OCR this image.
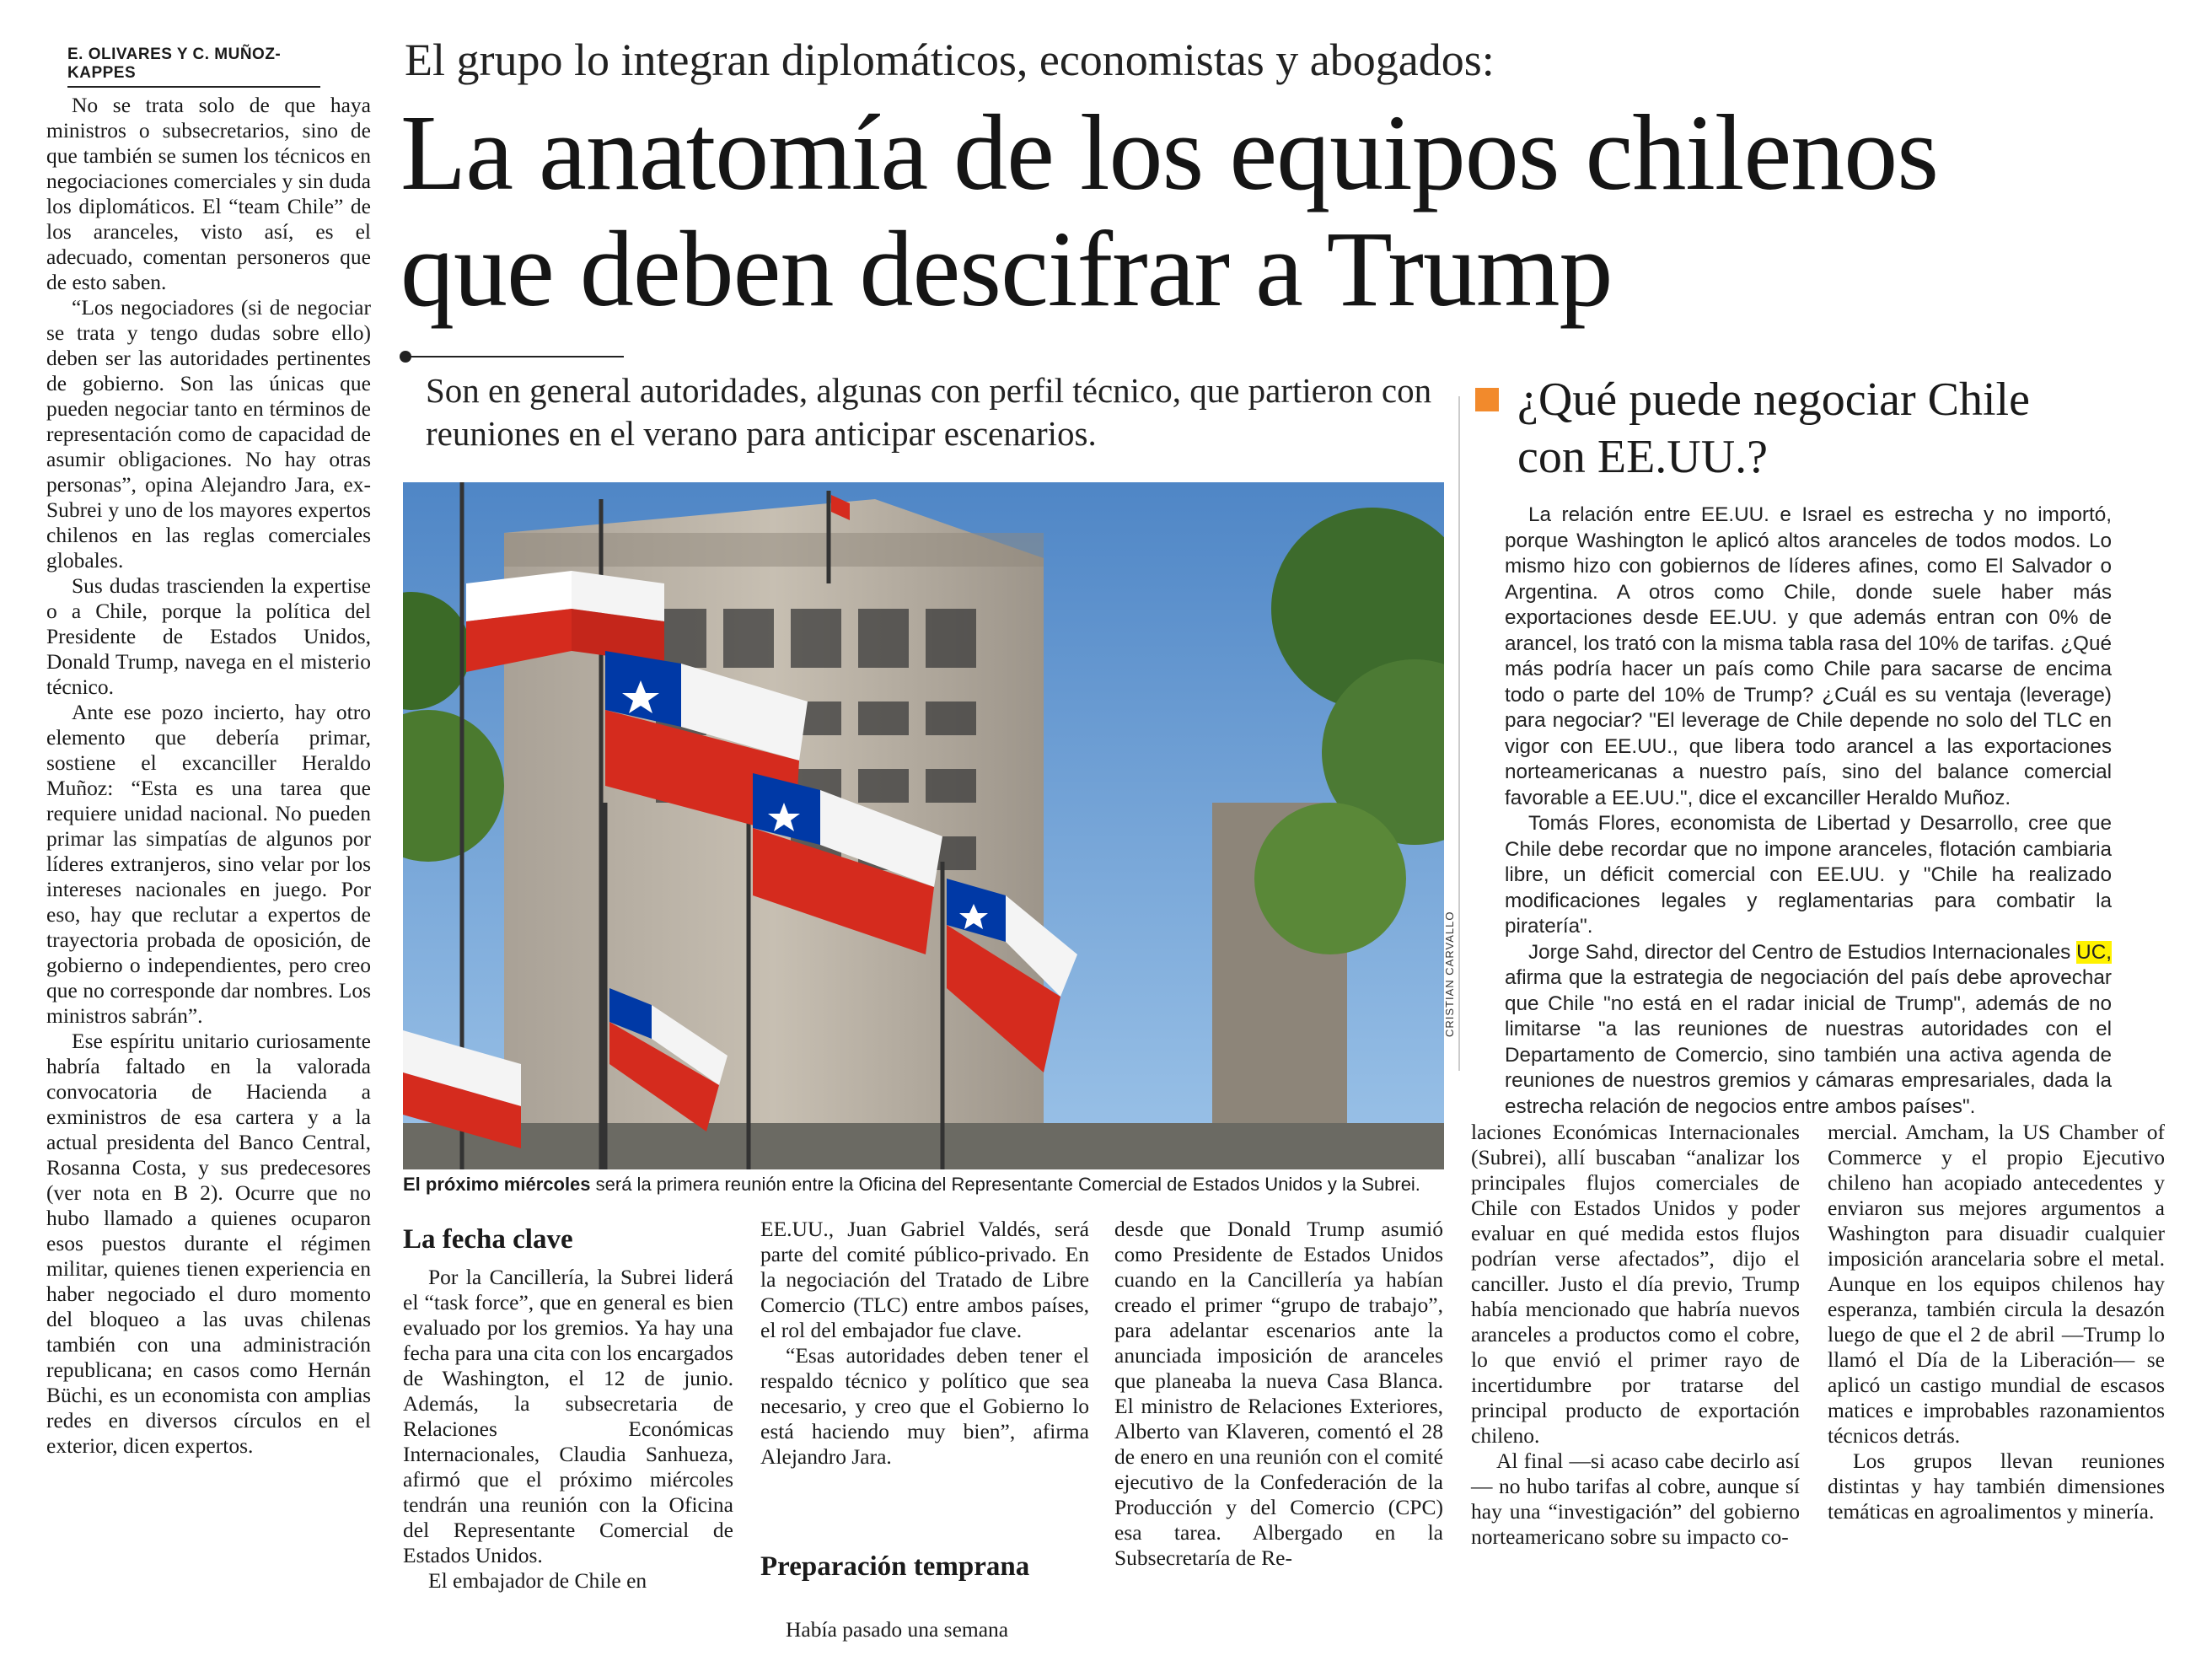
E. OLIVARES Y C. MUÑOZ-KAPPES	El grupo lo integran diplomáticos, economistas y abogados:
La anatomía de los equipos chilenos
que deben descifrar a Trump
Son en general autoridades, algunas con perfil técnico, que partieron con reuniones en el verano para anticipar escenarios.

No se trata solo de que haya ministros o subsecretarios, sino de que también se sumen los técnicos en negociaciones comerciales y sin duda los diplomáticos. El “team Chile” de los aranceles, visto así, es el adecuado, comentan personeros que de esto saben.

“Los negociadores (si de negociar se trata y tengo dudas sobre ello) deben ser las autoridades pertinentes de gobierno. Son las únicas que pueden negociar tanto en términos de representación como de capacidad de asumir obligaciones. No hay otras personas”, opina Alejandro Jara, ex-Subrei y uno de los mayores expertos chilenos en las reglas comerciales globales.

Sus dudas trascienden la expertise o a Chile, porque la política del Presidente de Estados Unidos, Donald Trump, navega en el misterio técnico.

Ante ese pozo incierto, hay otro elemento que debería primar, sostiene el excanciller Heraldo Muñoz: “Esta es una tarea que requiere unidad nacional. No pueden primar las simpatías de algunos por líderes extranjeros, sino velar por los intereses nacionales en juego. Por eso, hay que reclutar a expertos de trayectoria probada de oposición, de gobierno o independientes, pero creo que no corresponde dar nombres. Los ministros sabrán”.

Ese espíritu unitario curiosamente habría faltado en la valorada convocatoria de Hacienda a exministros de esa cartera y a la actual presidenta del Banco Central, Rosanna Costa, y sus predecesores (ver nota en B 2). Ocurre que no hubo llamado a quienes ocuparon esos puestos durante el régimen militar, quienes tienen experiencia en haber negociado el duro momento del bloqueo a las uvas chilenas también con una administración republicana; en casos como Hernán Büchi, es un economista con amplias redes en diversos círculos en el exterior, dicen expertos.

CRISTIAN CARVALLO
El próximo miércoles será la primera reunión entre la Oficina del Representante Comercial de Estados Unidos y la Subrei.
¿Qué puede negociar Chile con EE.UU.?

La relación entre EE.UU. e Israel es estrecha y no importó, porque Washington le aplicó altos aranceles de todos modos. Lo mismo hizo con gobiernos de líderes afines, como El Salvador o Argentina. A otros como Chile, donde suele haber más exportaciones desde EE.UU. y que además entran con 0% de arancel, los trató con la misma tabla rasa del 10% de tarifas. ¿Qué más podría hacer un país como Chile para sacarse de encima todo o parte del 10% de Trump? ¿Cuál es su ventaja (leverage) para negociar? "El leverage de Chile depende no solo del TLC en vigor con EE.UU., que libera todo arancel a las exportaciones norteamericanas a nuestro país, sino del balance comercial favorable a EE.UU.", dice el excanciller Heraldo Muñoz.

Tomás Flores, economista de Libertad y Desarrollo, cree que Chile debe recordar que no impone aranceles, flotación cambiaria libre, un déficit comercial con EE.UU. y "Chile ha realizado modificaciones legales y reglamentarias para combatir la piratería".

Jorge Sahd, director del Centro de Estudios Internacionales UC, afirma que la estrategia de negociación del país debe aprovechar que Chile "no está en el radar inicial de Trump", además de no limitarse "a las reuniones de nuestras autoridades con el Departamento de Comercio, sino también una activa agenda de reuniones de nuestros gremios y cámaras empresariales, dada la estrecha relación de negocios entre ambos países".

La fecha clave

Por la Cancillería, la Subrei liderá el “task force”, que en general es bien evaluado por los gremios. Ya hay una fecha para una cita con los encargados de Washington, el 12 de junio. Además, la subsecretaria de Relaciones Económicas Internacionales, Claudia Sanhueza, afirmó que el próximo miércoles tendrán una reunión con la Oficina del Representante Comercial de Estados Unidos.

El embajador de Chile en

EE.UU., Juan Gabriel Valdés, será parte del comité público-privado. En la negociación del Tratado de Libre Comercio (TLC) entre ambos países, el rol del embajador fue clave.

“Esas autoridades deben tener el respaldo técnico y político que sea necesario, y creo que el Gobierno lo está haciendo muy bien”, afirma Alejandro Jara.

Preparación temprana

Había pasado una semana

desde que Donald Trump asumió como Presidente de Estados Unidos cuando en la Cancillería ya habían creado el primer “grupo de trabajo”, para adelantar escenarios ante la anunciada imposición de aranceles que planeaba la nueva Casa Blanca. El ministro de Relaciones Exteriores, Alberto van Klaveren, comentó el 28 de enero en una reunión con el comité ejecutivo de la Confederación de la Producción y del Comercio (CPC) esa tarea. Albergado en la Subsecretaría de Re-

laciones Económicas Internacionales (Subrei), allí buscaban “analizar los principales flujos comerciales de Chile con Estados Unidos y poder evaluar en qué medida estos flujos podrían verse afectados”, dijo el canciller. Justo el día previo, Trump había mencionado que habría nuevos aranceles a productos como el cobre, lo que envió el primer rayo de incertidumbre por tratarse del principal producto de exportación chileno.

Al final —si acaso cabe decirlo así— no hubo tarifas al cobre, aunque sí hay una “investigación” del gobierno norteamericano sobre su impacto co-

mercial. Amcham, la US Chamber of Commerce y el propio Ejecutivo chileno han acopiado antecedentes y enviaron sus mejores argumentos a Washington para disuadir cualquier imposición arancelaria sobre el metal. Aunque en los equipos chilenos hay esperanza, también circula la desazón luego de que el 2 de abril —Trump lo llamó el Día de la Liberación— se aplicó un castigo mundial de escasos matices e improbables razonamientos técnicos detrás.

Los grupos llevan reuniones distintas y hay también dimensiones temáticas en agroalimentos y minería.
